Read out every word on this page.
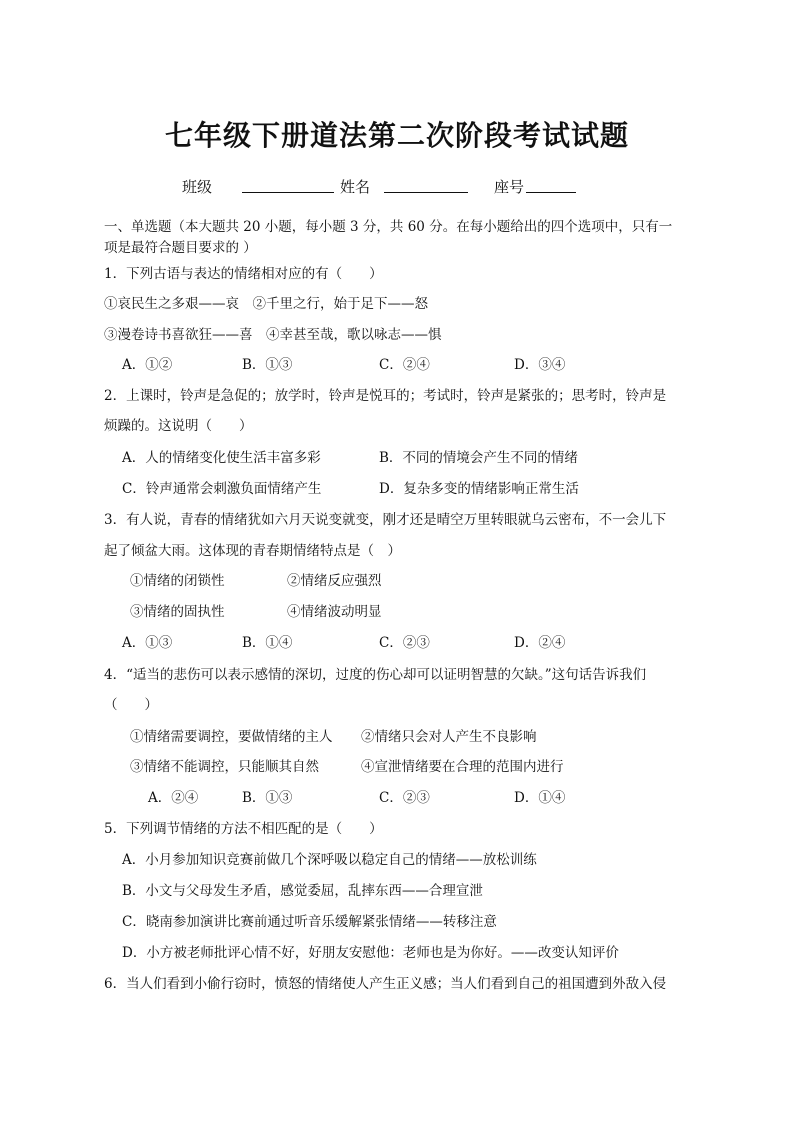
七年级下册道法第二次阶段考试试题
班级	姓名	座号
一、单选题（本大题共 20 小题，每小题 3 分，共 60 分。在每小题给出的四个选项中，只有一
项是最符合题目要求的 ）
1．下列古语与表达的情绪相对应的有（　　）
①哀民生之多艰——哀　②千里之行，始于足下——怒
③漫卷诗书喜欲狂——喜　④幸甚至哉，歌以咏志——惧
A．①②	B．①③	C．②④	D．③④
2．上课时，铃声是急促的；放学时，铃声是悦耳的；考试时，铃声是紧张的；思考时，铃声是
烦躁的。这说明（　　）
A．人的情绪变化使生活丰富多彩	B．不同的情境会产生不同的情绪
C．铃声通常会刺激负面情绪产生	D．复杂多变的情绪影响正常生活
3．有人说，青春的情绪犹如六月天说变就变，刚才还是晴空万里转眼就乌云密布，不一会儿下
起了倾盆大雨。这体现的青春期情绪特点是（　）
①情绪的闭锁性	②情绪反应强烈
③情绪的固执性	④情绪波动明显
A．①③	B．①④	C．②③	D．②④
4．“适当的悲伤可以表示感情的深切，过度的伤心却可以证明智慧的欠缺。”这句话告诉我们
（　　）
①情绪需要调控，要做情绪的主人 ②情绪只会对人产生不良影响
③情绪不能调控，只能顺其自然	④宣泄情绪要在合理的范围内进行
A．②④	B．①③	C．②③	D．①④
5．下列调节情绪的方法不相匹配的是（　　）
A．小月参加知识竞赛前做几个深呼吸以稳定自己的情绪——放松训练
B．小文与父母发生矛盾，感觉委屈，乱摔东西——合理宣泄
C．晓南参加演讲比赛前通过听音乐缓解紧张情绪——转移注意
D．小方被老师批评心情不好，好朋友安慰他：老师也是为你好。——改变认知评价
6．当人们看到小偷行窃时，愤怒的情绪使人产生正义感；当人们看到自己的祖国遭到外敌入侵
